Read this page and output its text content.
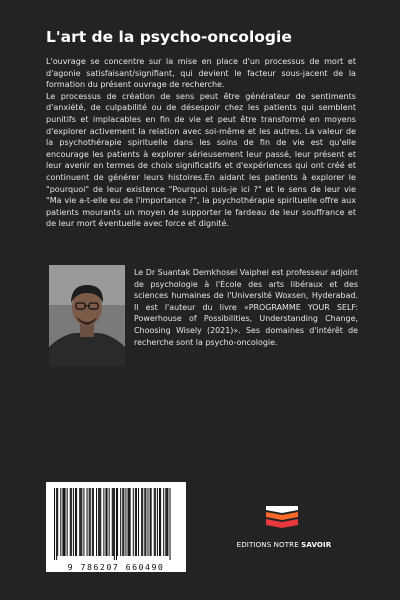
L'art de la psycho-oncologie

L'ouvrage se concentre sur la mise en place d'un processus de mort et d'agonie satisfaisant/signifiant, qui devient le facteur sous-jacent de la formation du présent ouvrage de recherche.

Le processus de création de sens peut être générateur de sentiments d'anxiété, de culpabilité ou de désespoir chez les patients qui semblent punitifs et implacables en fin de vie et peut être transformé en moyens d'explorer activement la relation avec soi-même et les autres. La valeur de la psychothérapie spirituelle dans les soins de fin de vie est qu'elle encourage les patients à explorer sérieusement leur passé, leur présent et leur avenir en termes de choix significatifs et d'expériences qui ont créé et continuent de générer leurs histoires.En aidant les patients à explorer le "pourquoi" de leur existence "Pourquoi suis-je ici ?" et le sens de leur vie "Ma vie a-t-elle eu de l'importance ?", la psychothérapie spirituelle offre aux patients mourants un moyen de supporter le fardeau de leur souffrance et de leur mort éventuelle avec force et dignité.

Le Dr Suantak Demkhosei Vaiphei est professeur adjoint de psychologie à l'École des arts libéraux et des sciences humaines de l'Université Woxsen, Hyderabad. Il est l'auteur du livre «PROGRAMME YOUR SELF: Powerhouse of Possibilities, Understanding Change, Choosing Wisely (2021)». Ses domaines d'intérêt de recherche sont la psycho-oncologie.
9 786207 660490
EDITIONS NOTRE SAVOIR
